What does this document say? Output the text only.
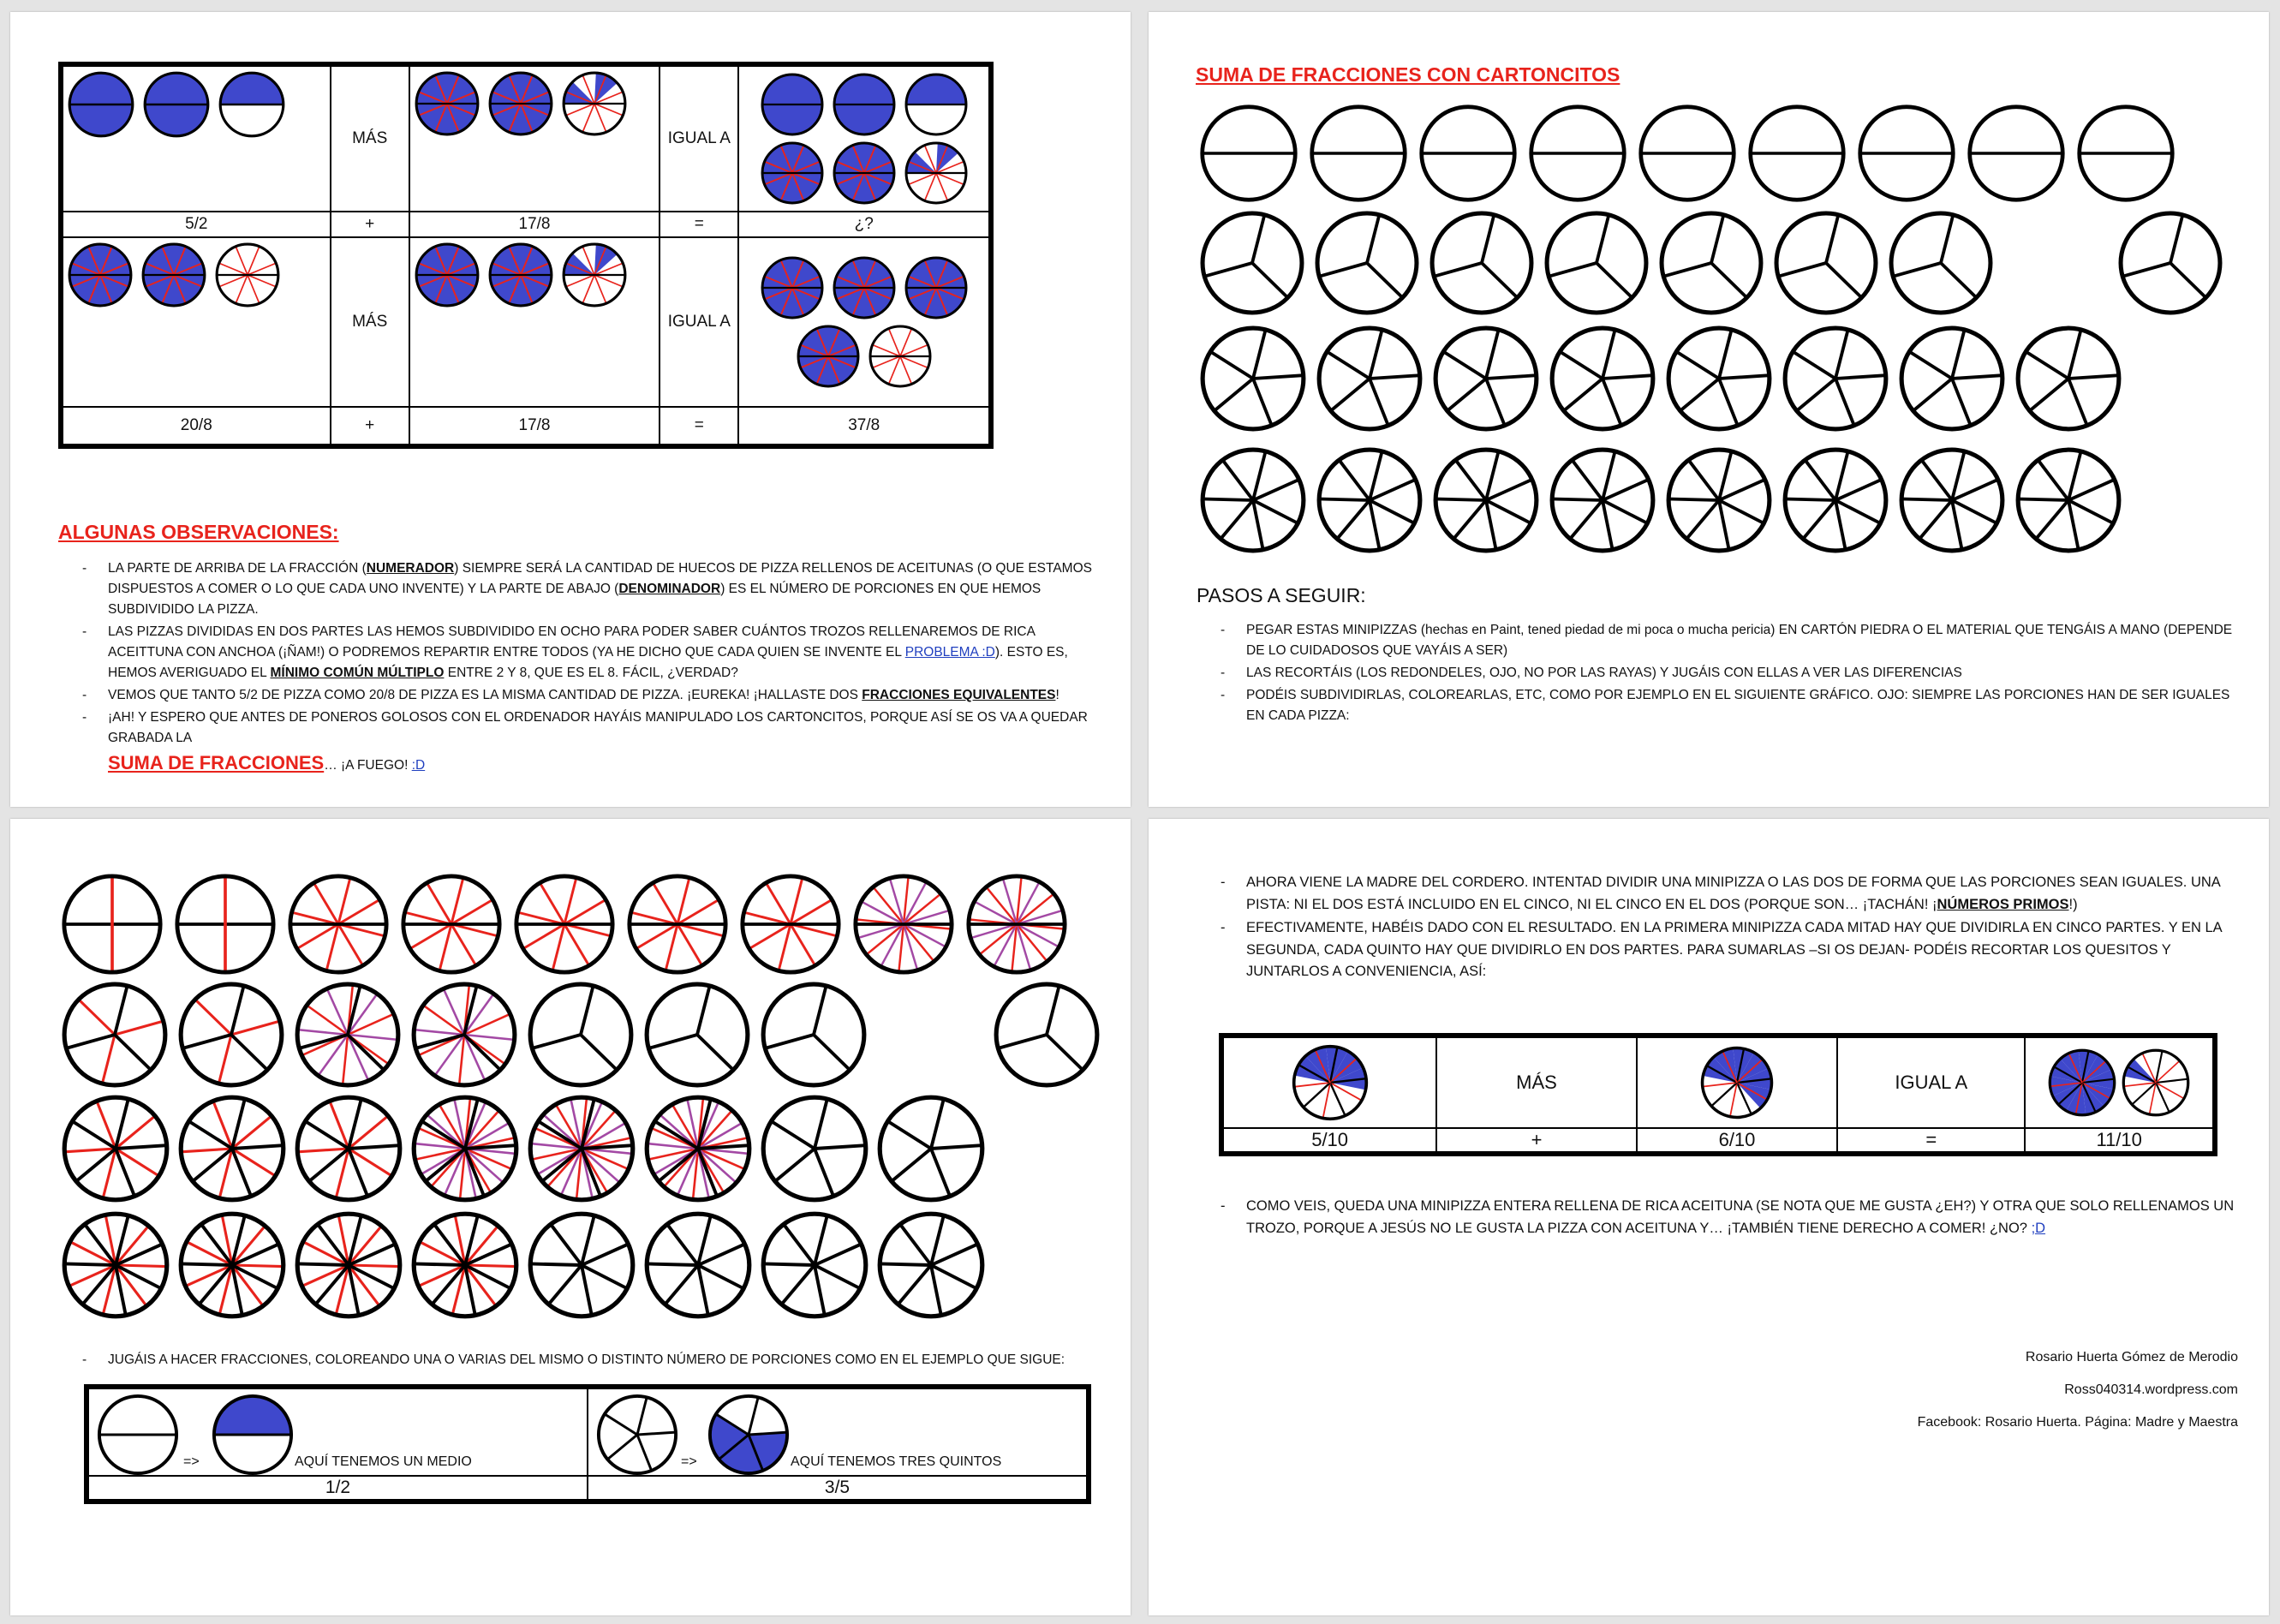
	MÁS		IGUAL A	

5/2	+	17/8	=	¿?

	MÁS		IGUAL A	

20/8	+	17/8	=	37/8
ALGUNAS OBSERVACIONES:
- LA PARTE DE ARRIBA DE LA FRACCIÓN (NUMERADOR) SIEMPRE SERÁ LA CANTIDAD DE HUECOS DE PIZZA RELLENOS DE ACEITUNAS (O QUE ESTAMOS DISPUESTOS A COMER O LO QUE CADA UNO INVENTE) Y LA PARTE DE ABAJO (DENOMINADOR) ES EL NÚMERO DE PORCIONES EN QUE HEMOS SUBDIVIDIDO LA PIZZA.
- LAS PIZZAS DIVIDIDAS EN DOS PARTES LAS HEMOS SUBDIVIDIDO EN OCHO PARA PODER SABER CUÁNTOS TROZOS RELLENAREMOS DE RICA ACEITTUNA CON ANCHOA (¡ÑAM!) O PODREMOS REPARTIR ENTRE TODOS (YA HE DICHO QUE CADA QUIEN SE INVENTE EL PROBLEMA :D). ESTO ES, HEMOS AVERIGUADO EL MÍNIMO COMÚN MÚLTIPLO ENTRE 2 Y 8, QUE ES EL 8. FÁCIL, ¿VERDAD?
- VEMOS QUE TANTO 5/2 DE PIZZA COMO 20/8 DE PIZZA ES LA MISMA CANTIDAD DE PIZZA. ¡EUREKA! ¡HALLASTE DOS FRACCIONES EQUIVALENTES!
- ¡AH! Y ESPERO QUE ANTES DE PONEROS GOLOSOS CON EL ORDENADOR HAYÁIS MANIPULADO LOS CARTONCITOS, PORQUE ASÍ SE OS VA A QUEDAR GRABADA LA
SUMA DE FRACCIONES… ¡A FUEGO! :D
SUMA DE FRACCIONES CON CARTONCITOS
PASOS A SEGUIR:
- PEGAR ESTAS MINIPIZZAS (hechas en Paint, tened piedad de mi poca o mucha pericia) EN CARTÓN PIEDRA O EL MATERIAL QUE TENGÁIS A MANO (DEPENDE DE LO CUIDADOSOS QUE VAYÁIS A SER)
- LAS RECORTÁIS (LOS REDONDELES, OJO, NO POR LAS RAYAS) Y JUGÁIS CON ELLAS A VER LAS DIFERENCIAS
- PODÉIS SUBDIVIDIRLAS, COLOREARLAS, ETC, COMO POR EJEMPLO EN EL SIGUIENTE GRÁFICO. OJO: SIEMPRE LAS PORCIONES HAN DE SER IGUALES EN CADA PIZZA:
- JUGÁIS A HACER FRACCIONES, COLOREANDO UNA O VARIAS DEL MISMO O DISTINTO NÚMERO DE PORCIONES COMO EN EL EJEMPLO QUE SIGUE:
=> AQUÍ TENEMOS UN MEDIO	=> AQUÍ TENEMOS TRES QUINTOS

1/2	3/5
- AHORA VIENE LA MADRE DEL CORDERO. INTENTAD DIVIDIR UNA MINIPIZZA O LAS DOS DE FORMA QUE LAS PORCIONES SEAN IGUALES. UNA PISTA: NI EL DOS ESTÁ INCLUIDO EN EL CINCO, NI EL CINCO EN EL DOS (PORQUE SON… ¡TACHÁN! ¡NÚMEROS PRIMOS!)
- EFECTIVAMENTE, HABÉIS DADO CON EL RESULTADO. EN LA PRIMERA MINIPIZZA CADA MITAD HAY QUE DIVIDIRLA EN CINCO PARTES. Y EN LA SEGUNDA, CADA QUINTO HAY QUE DIVIDIRLO EN DOS PARTES. PARA SUMARLAS –SI OS DEJAN- PODÉIS RECORTAR LOS QUESITOS Y JUNTARLOS A CONVENIENCIA, ASÍ:
	MÁS		IGUAL A	

5/10	+	6/10	=	11/10
- COMO VEIS, QUEDA UNA MINIPIZZA ENTERA RELLENA DE RICA ACEITUNA (SE NOTA QUE ME GUSTA ¿EH?) Y OTRA QUE SOLO RELLENAMOS UN TROZO, PORQUE A JESÚS NO LE GUSTA LA PIZZA CON ACEITUNA Y… ¡TAMBIÉN TIENE DERECHO A COMER! ¿NO? ;D
Rosario Huerta Gómez de Merodio
Ross040314.wordpress.com
Facebook: Rosario Huerta. Página: Madre y Maestra
